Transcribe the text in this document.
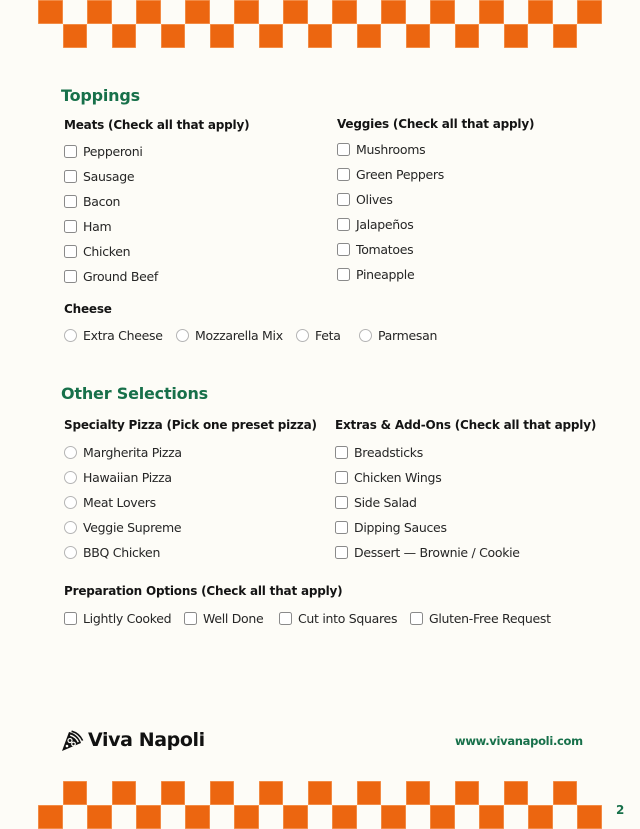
Toppings
Meats (Check all that apply)
Pepperoni
Sausage
Bacon
Ham
Chicken
Ground Beef
Veggies (Check all that apply)
Mushrooms
Green Peppers
Olives
Jalapeños
Tomatoes
Pineapple
Cheese
Extra Cheese	Mozzarella Mix	Feta	Parmesan
Other Selections
Specialty Pizza (Pick one preset pizza)
Margherita Pizza
Hawaiian Pizza
Meat Lovers
Veggie Supreme
BBQ Chicken
Extras & Add-Ons (Check all that apply)
Breadsticks
Chicken Wings
Side Salad
Dipping Sauces
Dessert — Brownie / Cookie
Preparation Options (Check all that apply)
Lightly Cooked	Well Done	Cut into Squares	Gluten-Free Request
Viva Napoli	www.vivanapoli.com
2
